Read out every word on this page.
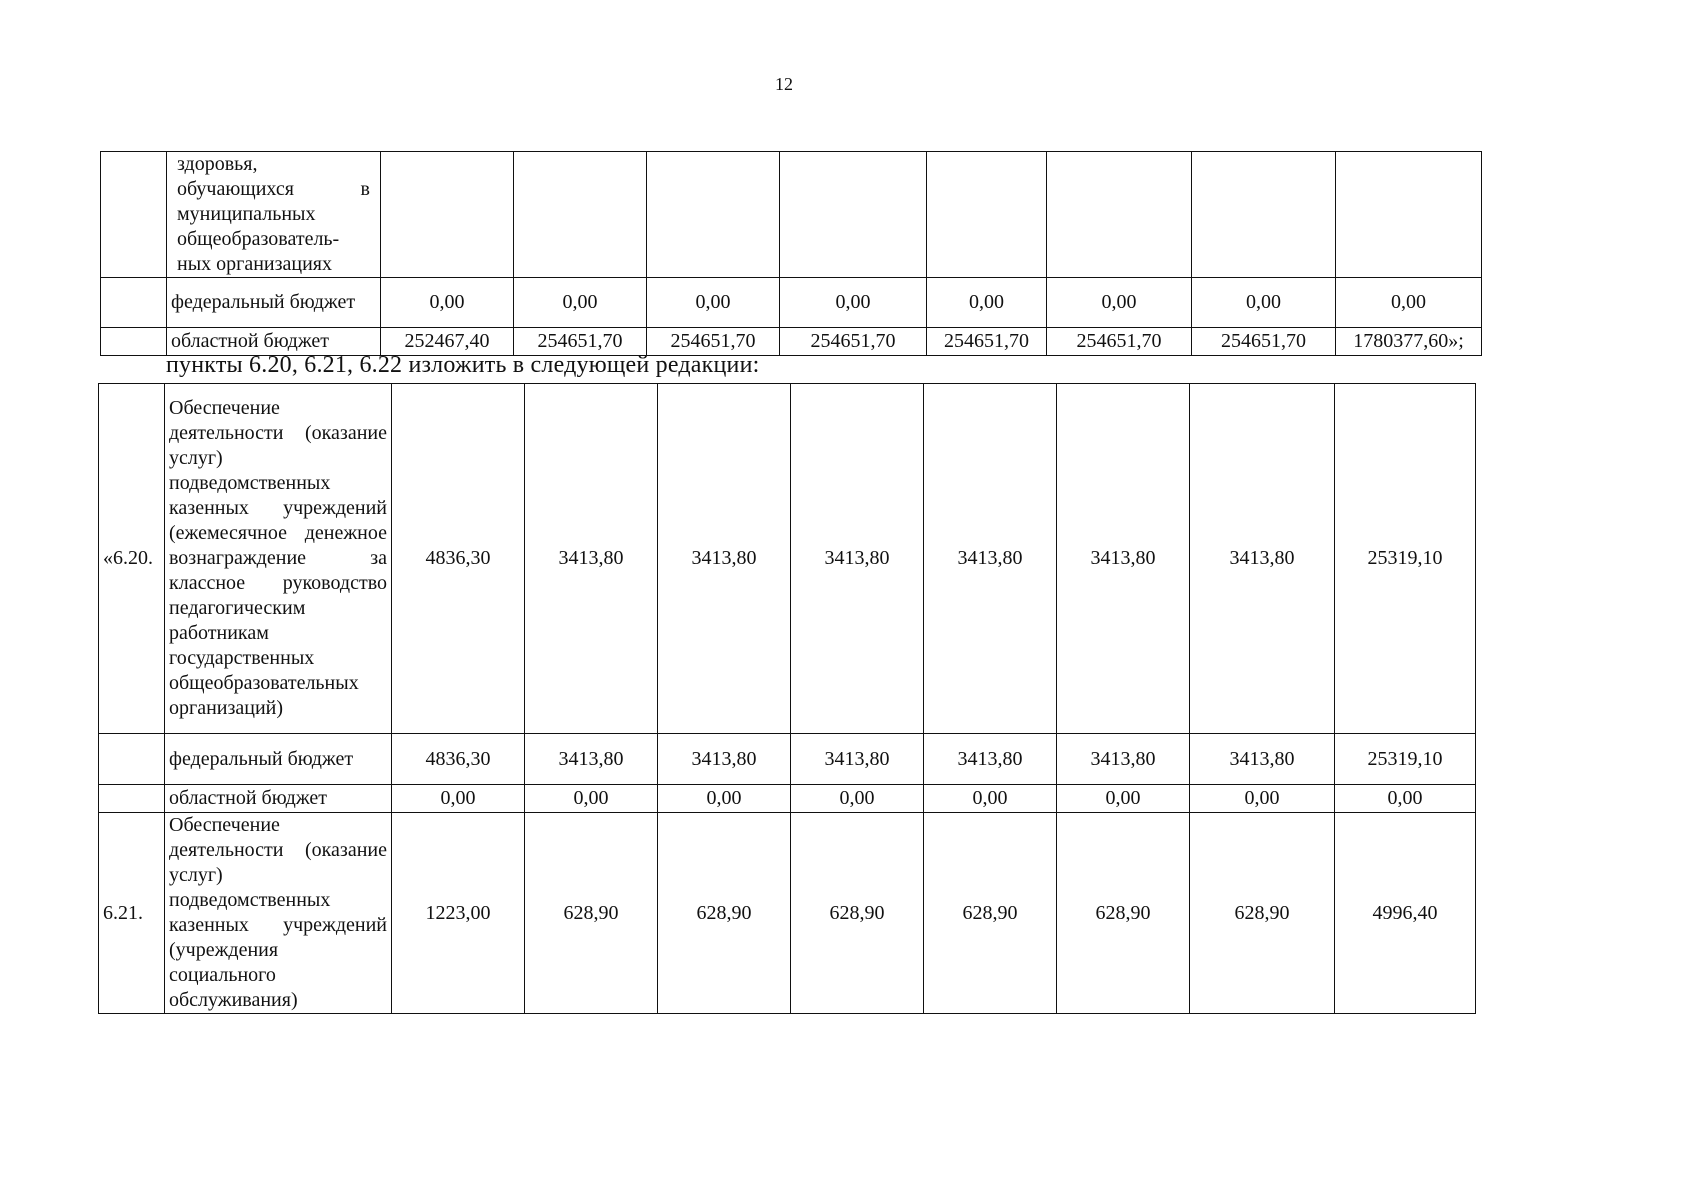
12
	здоровья, обучающихся в муниципальных общеобразователь-ных организациях								
	федеральный бюджет	0,00	0,00	0,00	0,00	0,00	0,00	0,00	0,00
	областной бюджет	252467,40	254651,70	254651,70	254651,70	254651,70	254651,70	254651,70	1780377,60»;
пункты 6.20, 6.21, 6.22 изложить в следующей редакции:
«6.20.	Обеспечение деятельности (оказание услуг) подведомственных казенных учреждений (ежемесячное денежное вознаграждение за классное руководство педагогическим работникам государственных общеобразовательных организаций)	4836,30	3413,80	3413,80	3413,80	3413,80	3413,80	3413,80	25319,10
	федеральный бюджет	4836,30	3413,80	3413,80	3413,80	3413,80	3413,80	3413,80	25319,10
	областной бюджет	0,00	0,00	0,00	0,00	0,00	0,00	0,00	0,00
6.21.	Обеспечение деятельности (оказание услуг) подведомственных казенных учреждений (учреждения социального обслуживания)	1223,00	628,90	628,90	628,90	628,90	628,90	628,90	4996,40
